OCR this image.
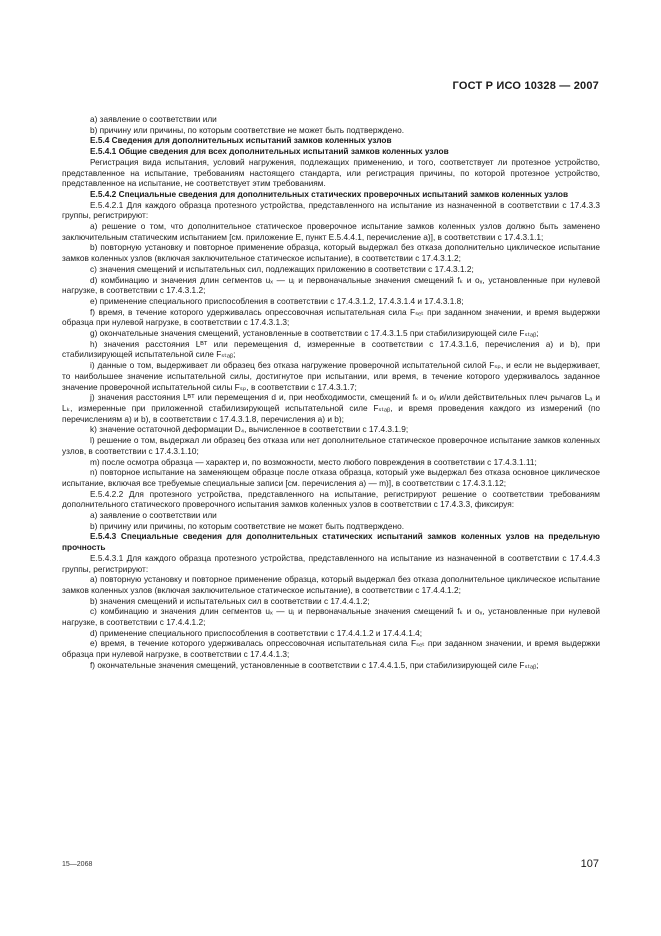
ГОСТ Р ИСО 10328 — 2007

а) заявление о соответствии или

b) причину или причины, по которым соответствие не может быть подтверждено.

Е.5.4 Сведения для дополнительных испытаний замков коленных узлов

Е.5.4.1 Общие сведения для всех дополнительных испытаний замков коленных узлов

Регистрация вида испытания, условий нагружения, подлежащих применению, и того, соответствует ли протезное устройство, представленное на испытание, требованиям настоящего стандарта, или регистрация причины, по которой протезное устройство, представленное на испытание, не соответствует этим требованиям.

Е.5.4.2 Специальные сведения для дополнительных статических проверочных испытаний замков коленных узлов

Е.5.4.2.1 Для каждого образца протезного устройства, представленного на испытание из назначенной в соответствии с 17.4.3.3 группы, регистрируют:

а) решение о том, что дополнительное статическое проверочное испытание замков коленных узлов должно быть заменено заключительным статическим испытанием [см. приложение Е, пункт Е.5.4.4.1, перечисление а)], в соответствии с 17.4.3.1.1;

b) повторную установку и повторное применение образца, который выдержал без отказа дополнительно циклическое испытание замков коленных узлов (включая заключительное статическое испытание), в соответствии с 17.4.3.1.2;

с) значения смещений и испытательных сил, подлежащих приложению в соответствии с 17.4.3.1.2;

d) комбинацию и значения длин сегментов uₓ — uⱼ и первоначальные значения смещений fₖ и oₓ, установленные при нулевой нагрузке, в соответствии с 17.4.3.1.2;

е) применение специального приспособления в соответствии с 17.4.3.1.2, 17.4.3.1.4 и 17.4.3.1.8;

f) время, в течение которого удерживалась опрессовочная испытательная сила Fₛₑₜ при заданном значении, и время выдержки образца при нулевой нагрузке, в соответствии с 17.4.3.1.3;

g) окончательные значения смещений, установленные в соответствии с 17.4.3.1.5 при стабилизирующей силе Fₛₜₐᵦ;

h) значения расстояния Lᴮᵀ или перемещения d, измеренные в соответствии с 17.4.3.1.6, перечисления а) и b), при стабилизирующей испытательной силе Fₛₜₐᵦ;

i) данные о том, выдерживает ли образец без отказа нагружение проверочной испытательной силой Fₛₚ, и если не выдерживает, то наибольшее значение испытательной силы, достигнутое при испытании, или время, в течение которого удерживалось заданное значение проверочной испытательной силы Fₛₚ, в соответствии с 17.4.3.1.7;

j) значения расстояния Lᴮᵀ или перемещения d и, при необходимости, смещений fₖ и oₓ и/или действительных плеч рычагов Lₐ и Lₖ, измеренные при приложенной стабилизирующей испытательной силе Fₛₜₐᵦ, и время проведения каждого из измерений (по перечислениям а) и b), в соответствии с 17.4.3.1.8, перечисления а) и b);

k) значение остаточной деформации D₄, вычисленное в соответствии с 17.4.3.1.9;

l) решение о том, выдержал ли образец без отказа или нет дополнительное статическое проверочное испытание замков коленных узлов, в соответствии с 17.4.3.1.10;

m) после осмотра образца — характер и, по возможности, место любого повреждения в соответствии с 17.4.3.1.11;

n) повторное испытание на заменяющем образце после отказа образца, который уже выдержал без отказа основное циклическое испытание, включая все требуемые специальные записи [см. перечисления а) — m)], в соответствии с 17.4.3.1.12;

Е.5.4.2.2 Для протезного устройства, представленного на испытание, регистрируют решение о соответствии требованиям дополнительного статического проверочного испытания замков коленных узлов в соответствии с 17.4.3.3, фиксируя:

а) заявление о соответствии или

b) причину или причины, по которым соответствие не может быть подтверждено.

Е.5.4.3 Специальные сведения для дополнительных статических испытаний замков коленных узлов на предельную прочность

Е.5.4.3.1 Для каждого образца протезного устройства, представленного на испытание из назначенной в соответствии с 17.4.4.3 группы, регистрируют:

а) повторную установку и повторное применение образца, который выдержал без отказа дополнительное циклическое испытание замков коленных узлов (включая заключительное статическое испытание), в соответствии с 17.4.4.1.2;

b) значения смещений и испытательных сил в соответствии с 17.4.4.1.2;

с) комбинацию и значения длин сегментов uₓ — uⱼ и первоначальные значения смещений fₖ и oₓ, установленные при нулевой нагрузке, в соответствии с 17.4.4.1.2;

d) применение специального приспособления в соответствии с 17.4.4.1.2 и 17.4.4.1.4;

е) время, в течение которого удерживалась опрессовочная испытательная сила Fₛₑₜ при заданном значении, и время выдержки образца при нулевой нагрузке, в соответствии с 17.4.4.1.3;

f) окончательные значения смещений, установленные в соответствии с 17.4.4.1.5, при стабилизирующей силе Fₛₜₐᵦ;

15—2068	107
